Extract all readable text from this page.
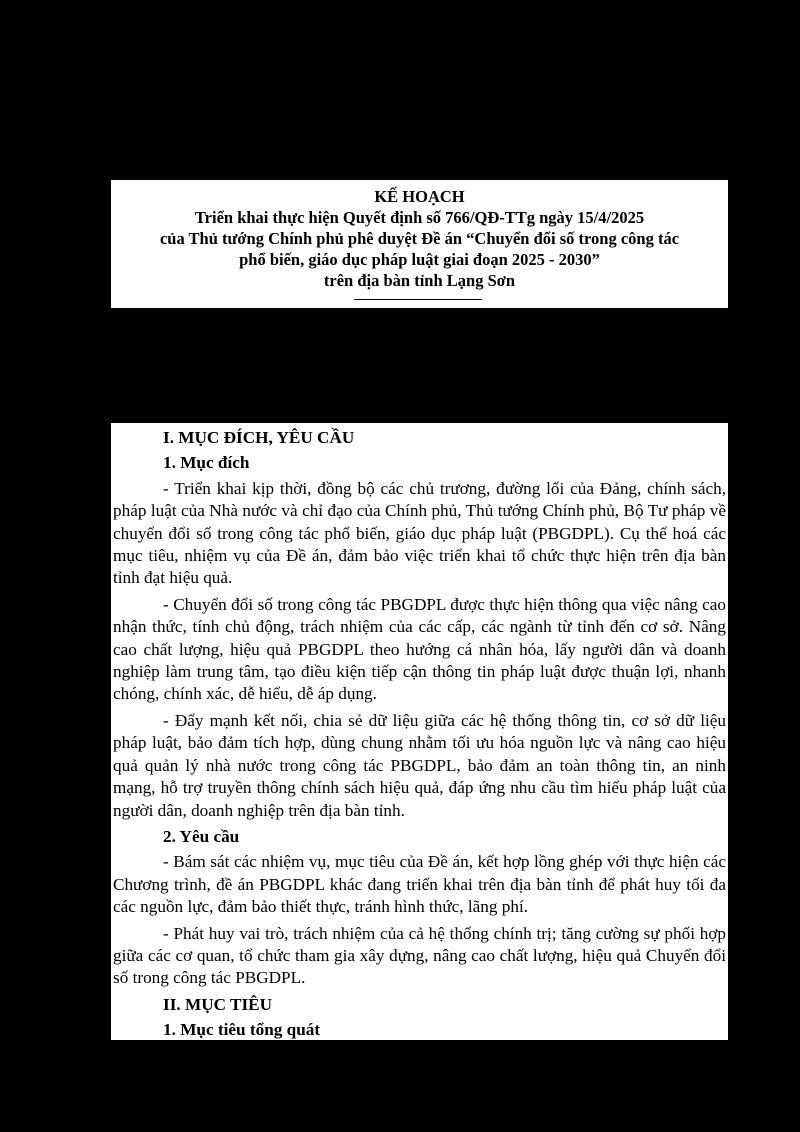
KẾ HOẠCH
Triển khai thực hiện Quyết định số 766/QĐ-TTg ngày 15/4/2025
của Thủ tướng Chính phủ phê duyệt Đề án “Chuyển đổi số trong công tác
phổ biến, giáo dục pháp luật giai đoạn 2025 - 2030”
trên địa bàn tỉnh Lạng Sơn
I. MỤC ĐÍCH, YÊU CẦU
1. Mục đích

- Triển khai kịp thời, đồng bộ các chủ trương, đường lối của Đảng, chính sách, pháp luật của Nhà nước và chỉ đạo của Chính phủ, Thủ tướng Chính phủ, Bộ Tư pháp về chuyển đổi số trong công tác phổ biến, giáo dục pháp luật (PBGDPL). Cụ thể hoá các mục tiêu, nhiệm vụ của Đề án, đảm bảo việc triển khai tổ chức thực hiện trên địa bàn tỉnh đạt hiệu quả.

- Chuyển đổi số trong công tác PBGDPL được thực hiện thông qua việc nâng cao nhận thức, tính chủ động, trách nhiệm của các cấp, các ngành từ tỉnh đến cơ sở. Nâng cao chất lượng, hiệu quả PBGDPL theo hướng cá nhân hóa, lấy người dân và doanh nghiệp làm trung tâm, tạo điều kiện tiếp cận thông tin pháp luật được thuận lợi, nhanh chóng, chính xác, dễ hiểu, dễ áp dụng.

- Đẩy mạnh kết nối, chia sẻ dữ liệu giữa các hệ thống thông tin, cơ sở dữ liệu pháp luật, bảo đảm tích hợp, dùng chung nhằm tối ưu hóa nguồn lực và nâng cao hiệu quả quản lý nhà nước trong công tác PBGDPL, bảo đảm an toàn thông tin, an ninh mạng, hỗ trợ truyền thông chính sách hiệu quả, đáp ứng nhu cầu tìm hiểu pháp luật của người dân, doanh nghiệp trên địa bàn tỉnh.

2. Yêu cầu

- Bám sát các nhiệm vụ, mục tiêu của Đề án, kết hợp lồng ghép với thực hiện các Chương trình, đề án PBGDPL khác đang triển khai trên địa bàn tỉnh để phát huy tối đa các nguồn lực, đảm bảo thiết thực, tránh hình thức, lãng phí.

- Phát huy vai trò, trách nhiệm của cả hệ thống chính trị; tăng cường sự phối hợp giữa các cơ quan, tổ chức tham gia xây dựng, nâng cao chất lượng, hiệu quả Chuyển đổi số trong công tác PBGDPL.

II. MỤC TIÊU
1. Mục tiêu tổng quát
